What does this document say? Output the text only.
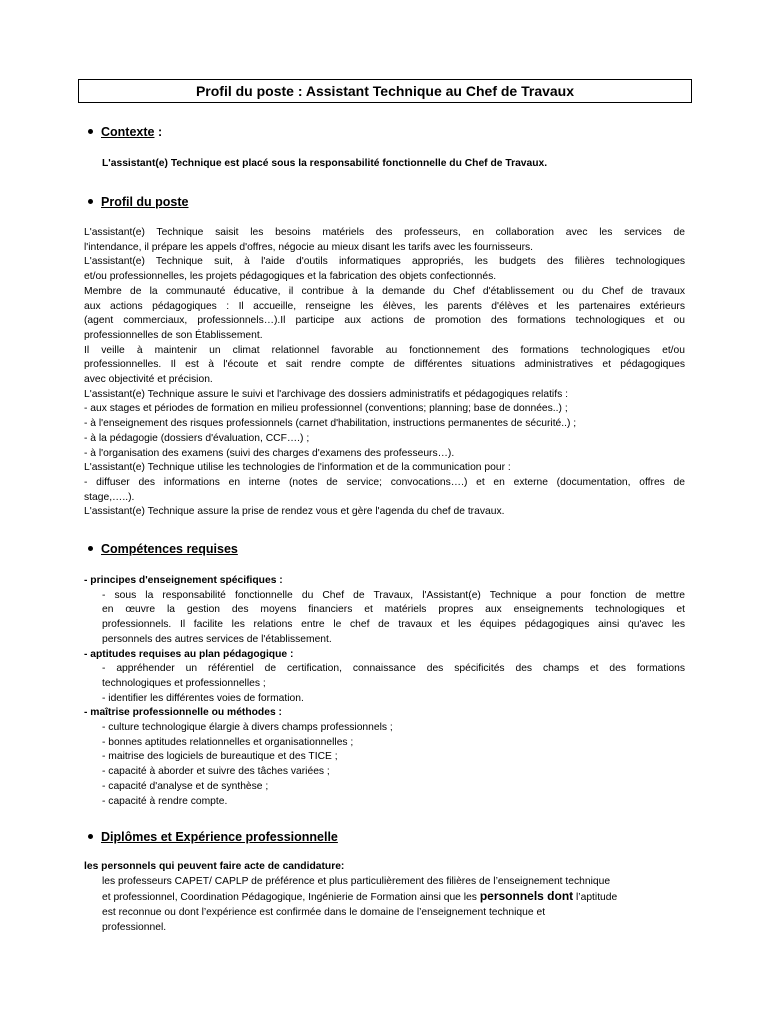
Profil du poste : Assistant Technique au Chef de Travaux
Contexte :
L'assistant(e) Technique est placé sous la responsabilité fonctionnelle du Chef de Travaux.
Profil du poste
L'assistant(e) Technique saisit les besoins matériels des professeurs, en collaboration avec les services de
l'intendance, il prépare les appels d'offres, négocie au mieux disant les tarifs avec les fournisseurs.
L'assistant(e) Technique suit, à l'aide d'outils informatiques appropriés, les budgets des filières technologiques
et/ou professionnelles, les projets pédagogiques et la fabrication des objets confectionnés.
Membre de la communauté éducative, il contribue à la demande du Chef d'établissement ou du Chef de travaux
aux actions pédagogiques : Il accueille, renseigne les élèves, les parents d'élèves et les partenaires extérieurs
(agent commerciaux, professionnels…).Il participe aux actions de promotion des formations technologiques et ou
professionnelles de son Établissement.
Il veille à maintenir un climat relationnel favorable au fonctionnement des formations technologiques et/ou
professionnelles. Il est à l'écoute et sait rendre compte de différentes situations administratives et pédagogiques
avec objectivité et précision.
L'assistant(e) Technique assure le suivi et l'archivage des dossiers administratifs et pédagogiques relatifs :
- aux stages et périodes de formation en milieu professionnel (conventions; planning; base de données..) ;
- à l'enseignement des risques professionnels (carnet d'habilitation, instructions permanentes de sécurité..) ;
- à la pédagogie (dossiers d'évaluation, CCF….) ;
- à l'organisation des examens (suivi des charges d'examens des professeurs…).
L'assistant(e) Technique utilise les technologies de l'information et de la communication pour :
- diffuser des informations en interne (notes de service; convocations….) et en externe (documentation, offres de
stage,…..).
L'assistant(e) Technique assure la prise de rendez vous et gère l'agenda du chef de travaux.
Compétences requises
- principes d'enseignement spécifiques :
- sous la responsabilité fonctionnelle du Chef de Travaux, l'Assistant(e) Technique a pour fonction de mettre
en œuvre la gestion des moyens financiers et matériels propres aux enseignements technologiques et
professionnels. Il facilite les relations entre le chef de travaux et les équipes pédagogiques ainsi qu'avec les
personnels des autres services de l'établissement.
- aptitudes requises au plan pédagogique :
- appréhender un référentiel de certification, connaissance des spécificités des champs et des formations
technologiques et professionnelles ;
- identifier les différentes voies de formation.
- maîtrise professionnelle ou méthodes :
- culture technologique élargie à divers champs professionnels ;
- bonnes aptitudes relationnelles et organisationnelles ;
- maitrise des logiciels de bureautique et des TICE ;
- capacité à aborder et suivre des tâches variées ;
- capacité d'analyse et de synthèse ;
- capacité à rendre compte.
Diplômes et Expérience professionnelle
les personnels qui peuvent faire acte de candidature:
les professeurs CAPET/ CAPLP de préférence et plus particulièrement des filières de l’enseignement technique
et professionnel, Coordination Pédagogique, Ingénierie de Formation ainsi que les personnels dont l’aptitude
est reconnue ou dont l’expérience est confirmée dans le domaine de l’enseignement technique et
professionnel.
